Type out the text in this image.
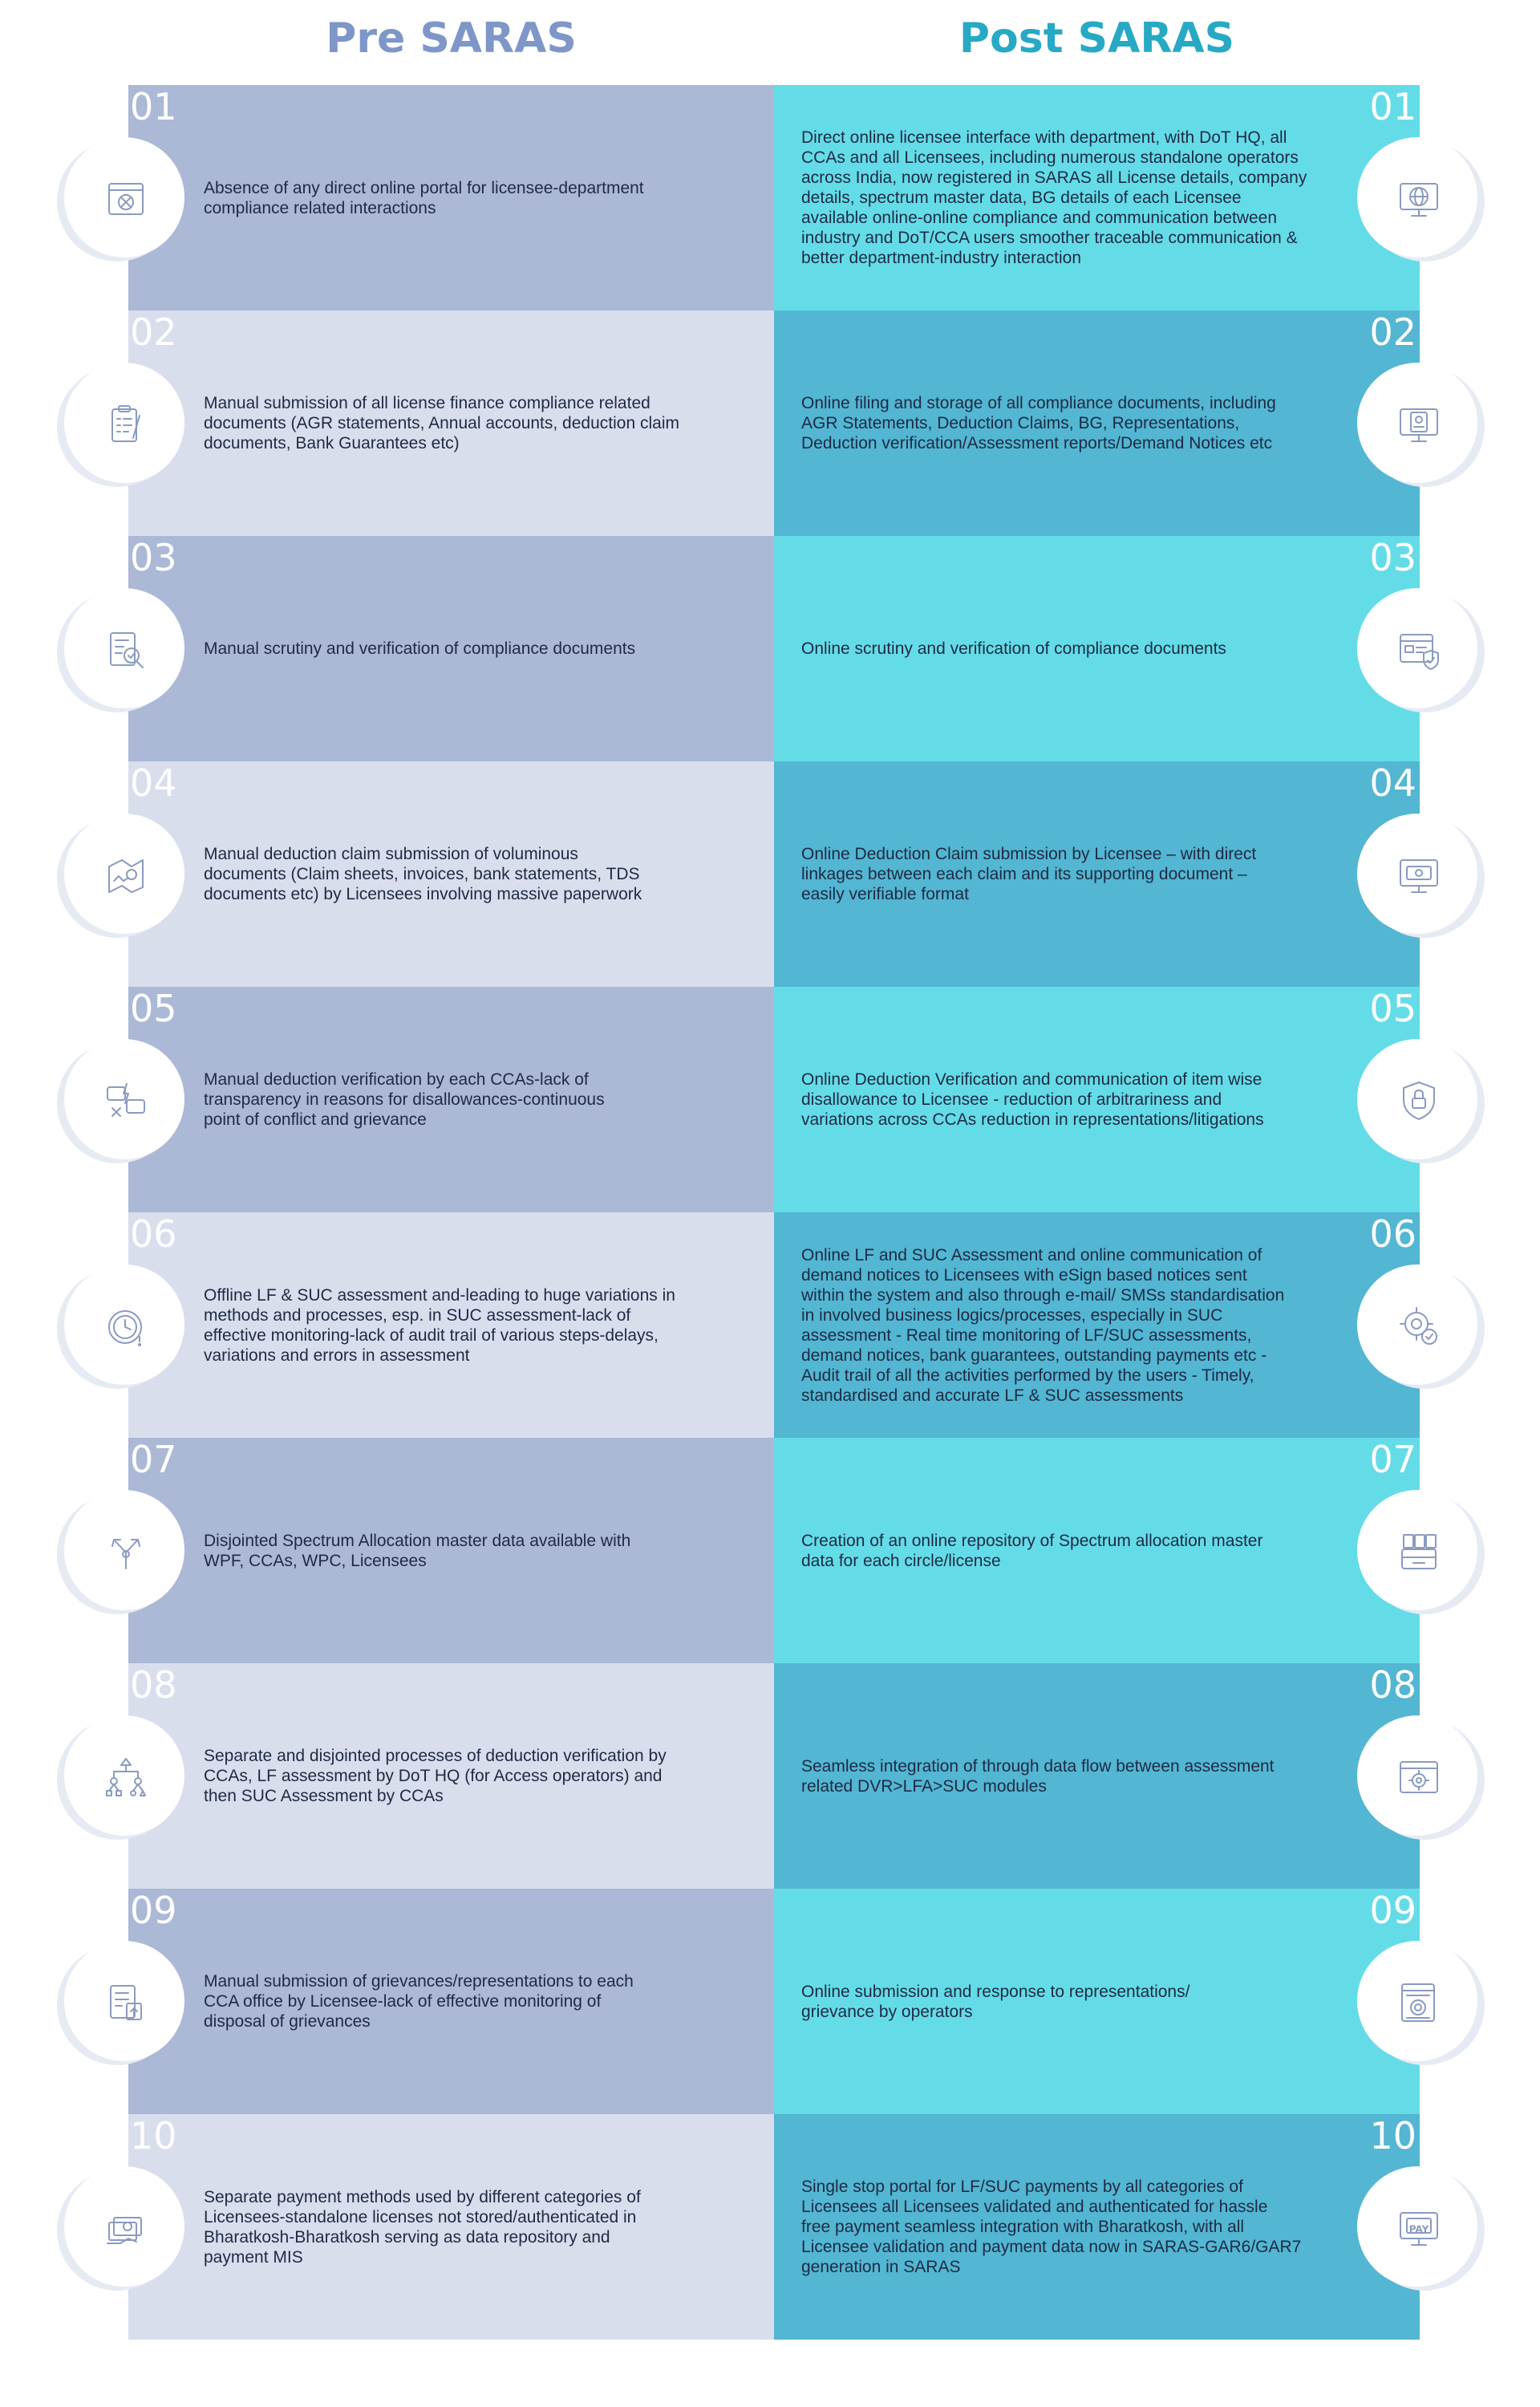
Pre SARAS	Post SARAS
01
Absence of any direct online portal for licensee-department
compliance related interactions
01
Direct online licensee interface with department, with DoT HQ, all
CCAs and all Licensees, including numerous standalone operators
across India, now registered in SARAS all License details, company
details, spectrum master data, BG details of each Licensee
available online-online compliance and communication between
industry and DoT/CCA users smoother traceable communication &
better department-industry interaction
02
Manual submission of all license finance compliance related
documents (AGR statements, Annual accounts, deduction claim
documents, Bank Guarantees etc)
02
Online filing and storage of all compliance documents, including
AGR Statements, Deduction Claims, BG, Representations,
Deduction verification/Assessment reports/Demand Notices etc
03
Manual scrutiny and verification of compliance documents
03
Online scrutiny and verification of compliance documents
04
Manual deduction claim submission of voluminous
documents (Claim sheets, invoices, bank statements, TDS
documents etc) by Licensees involving massive paperwork
04
Online Deduction Claim submission by Licensee – with direct
linkages between each claim and its supporting document –
easily verifiable format
05
Manual deduction verification by each CCAs-lack of
transparency in reasons for disallowances-continuous
point of conflict and grievance
05
Online Deduction Verification and communication of item wise
disallowance to Licensee - reduction of arbitrariness and
variations across CCAs reduction in representations/litigations
06
Offline LF & SUC assessment and-leading to huge variations in
methods and processes, esp. in SUC assessment-lack of
effective monitoring-lack of audit trail of various steps-delays,
variations and errors in assessment
06
Online LF and SUC Assessment and online communication of
demand notices to Licensees with eSign based notices sent
within the system and also through e-mail/ SMSs standardisation
in involved business logics/processes, especially in SUC
assessment - Real time monitoring of LF/SUC assessments,
demand notices, bank guarantees, outstanding payments etc -
Audit trail of all the activities performed by the users - Timely,
standardised and accurate LF & SUC assessments
07
Disjointed Spectrum Allocation master data available with
WPF, CCAs, WPC, Licensees
07
Creation of an online repository of Spectrum allocation master
data for each circle/license
08
Separate and disjointed processes of deduction verification by
CCAs, LF assessment by DoT HQ (for Access operators) and
then SUC Assessment by CCAs
08
Seamless integration of through data flow between assessment
related DVR>LFA>SUC modules
09
Manual submission of grievances/representations to each
CCA office by Licensee-lack of effective monitoring of
disposal of grievances
09
Online submission and response to representations/
grievance by operators
10
Separate payment methods used by different categories of
Licensees-standalone licenses not stored/authenticated in
Bharatkosh-Bharatkosh serving as data repository and
payment MIS
10
Single stop portal for LF/SUC payments by all categories of
Licensees all Licensees validated and authenticated for hassle
free payment seamless integration with Bharatkosh, with all
Licensee validation and payment data now in SARAS-GAR6/GAR7
generation in SARAS
PAY
